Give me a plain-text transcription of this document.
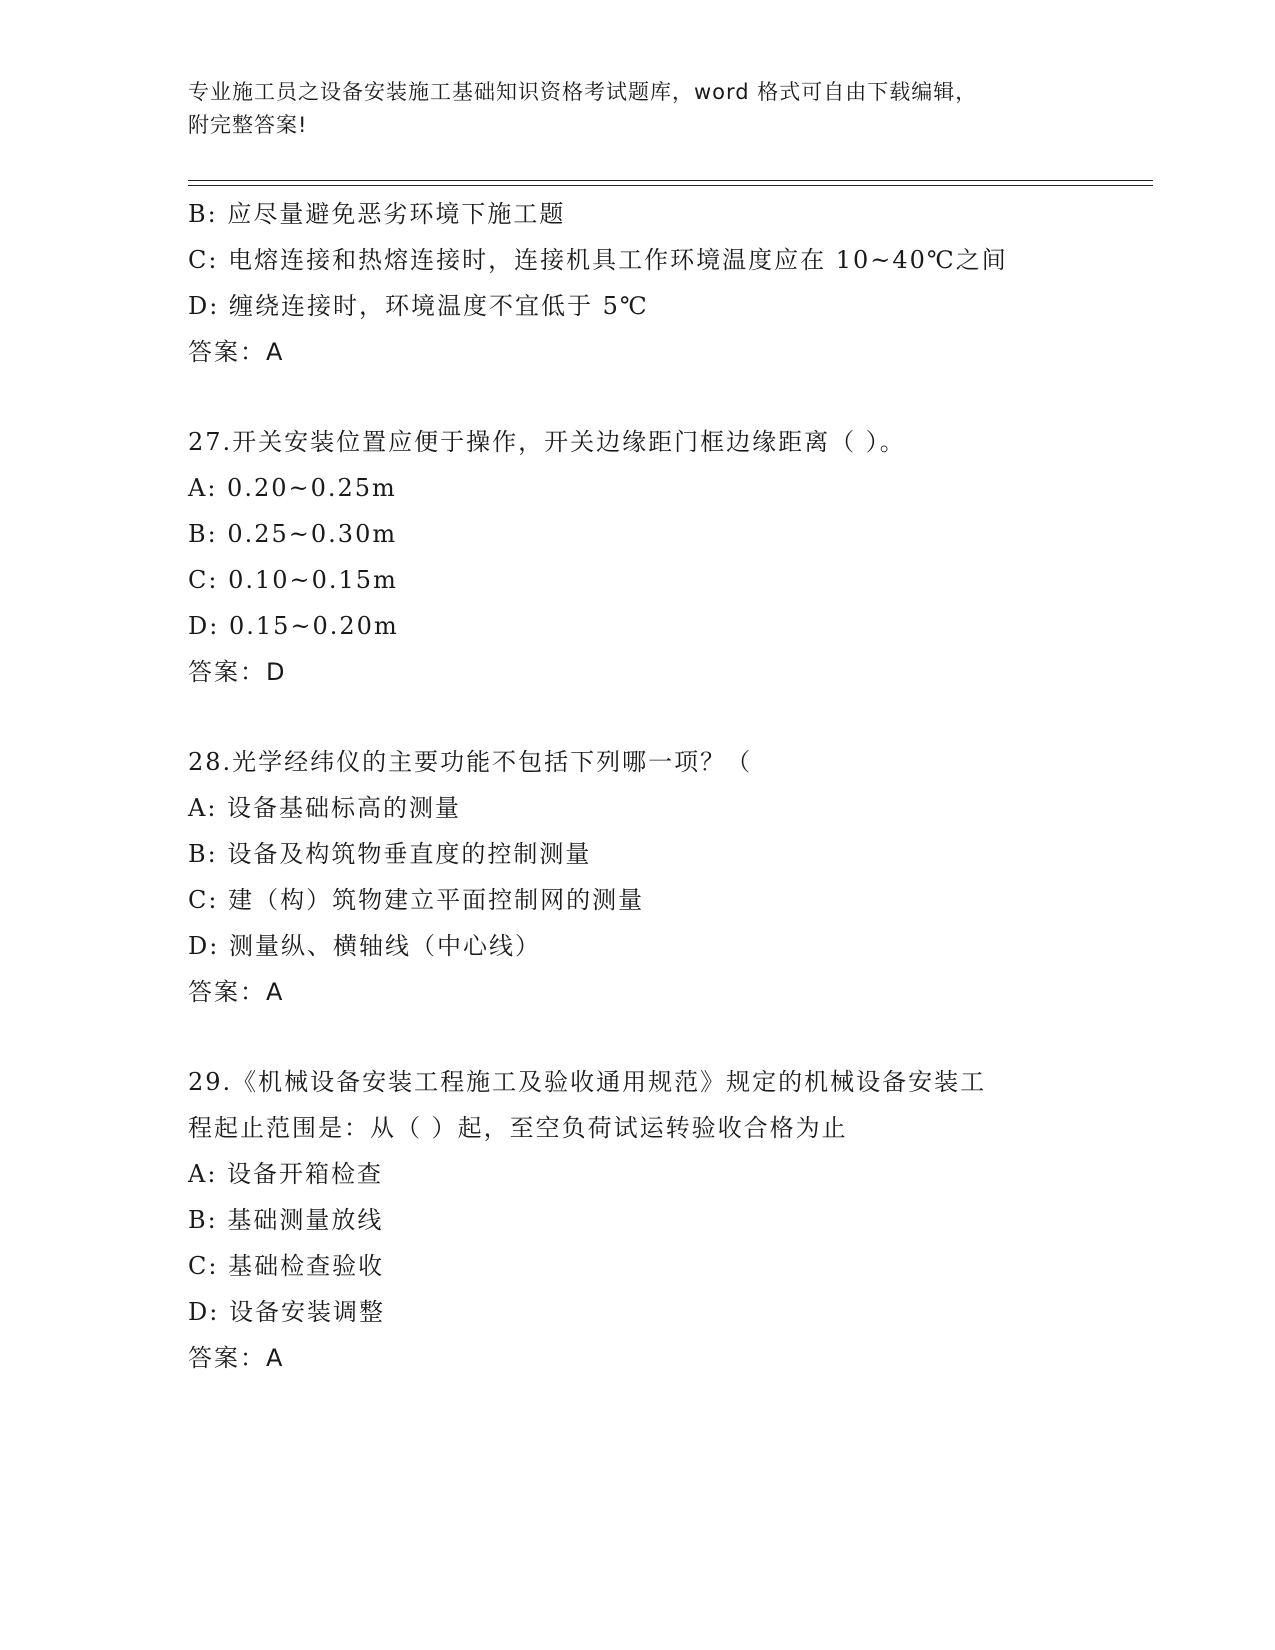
专业施工员之设备安装施工基础知识资格考试题库，word 格式可自由下载编辑，
附完整答案!
B: 应尽量避免恶劣环境下施工题
C: 电熔连接和热熔连接时，连接机具工作环境温度应在 10~40℃之间
D: 缠绕连接时，环境温度不宜低于 5℃
答案：A
27.开关安装位置应便于操作，开关边缘距门框边缘距离（ ）。
A: 0.20~0.25m
B: 0.25~0.30m
C: 0.10~0.15m
D: 0.15~0.20m
答案：D
28.光学经纬仪的主要功能不包括下列哪一项？（
A: 设备基础标高的测量
B: 设备及构筑物垂直度的控制测量
C: 建（构）筑物建立平面控制网的测量
D: 测量纵、横轴线（中心线）
答案：A
29.《机械设备安装工程施工及验收通用规范》规定的机械设备安装工
程起止范围是：从（ ）起，至空负荷试运转验收合格为止
A: 设备开箱检查
B: 基础测量放线
C: 基础检查验收
D: 设备安装调整
答案：A
